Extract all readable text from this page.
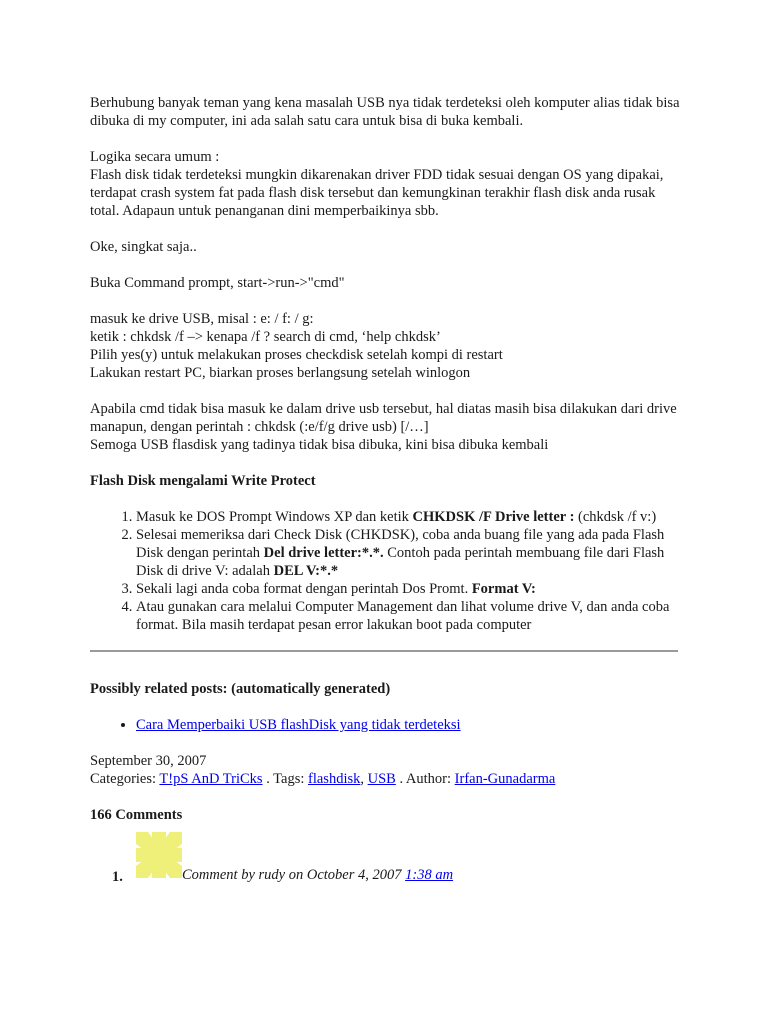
Berhubung banyak teman yang kena masalah USB nya tidak terdeteksi oleh komputer alias tidak bisa dibuka di my computer, ini ada salah satu cara untuk bisa di buka kembali.

Logika secara umum :

Flash disk tidak terdeteksi mungkin dikarenakan driver FDD tidak sesuai dengan OS yang dipakai, terdapat crash system fat pada flash disk tersebut dan kemungkinan terakhir flash disk anda rusak total. Adapaun untuk penanganan dini memperbaikinya sbb.

Oke, singkat saja..

Buka Command prompt, start->run->"cmd"

masuk ke drive USB, misal : e: / f: / g:

ketik : chkdsk /f –> kenapa /f ? search di cmd, ‘help chkdsk’

Pilih yes(y) untuk melakukan proses checkdisk setelah kompi di restart

Lakukan restart PC, biarkan proses berlangsung setelah winlogon

Apabila cmd tidak bisa masuk ke dalam drive usb tersebut, hal diatas masih bisa dilakukan dari drive manapun, dengan perintah : chkdsk (:e/f/g drive usb) [/…]

Semoga USB flasdisk yang tadinya tidak bisa dibuka, kini bisa dibuka kembali

Flash Disk mengalami Write Protect

1. Masuk ke DOS Prompt Windows XP dan ketik CHKDSK /F Drive letter : (chkdsk /f v:)
2. Selesai memeriksa dari Check Disk (CHKDSK), coba anda buang file yang ada pada Flash Disk dengan perintah Del drive letter:*.*. Contoh pada perintah membuang file dari Flash Disk di drive V: adalah DEL V:*.*
3. Sekali lagi anda coba format dengan perintah Dos Promt. Format V:
4. Atau gunakan cara melalui Computer Management dan lihat volume drive V, dan anda coba format. Bila masih terdapat pesan error lakukan boot pada computer

Possibly related posts: (automatically generated)

• Cara Memperbaiki USB flashDisk yang tidak terdeteksi

September 30, 2007

Categories: T!pS AnD TriCks . Tags: flashdisk, USB . Author: Irfan-Gunadarma

166 Comments

1.	Comment by rudy on October 4, 2007 1:38 am
